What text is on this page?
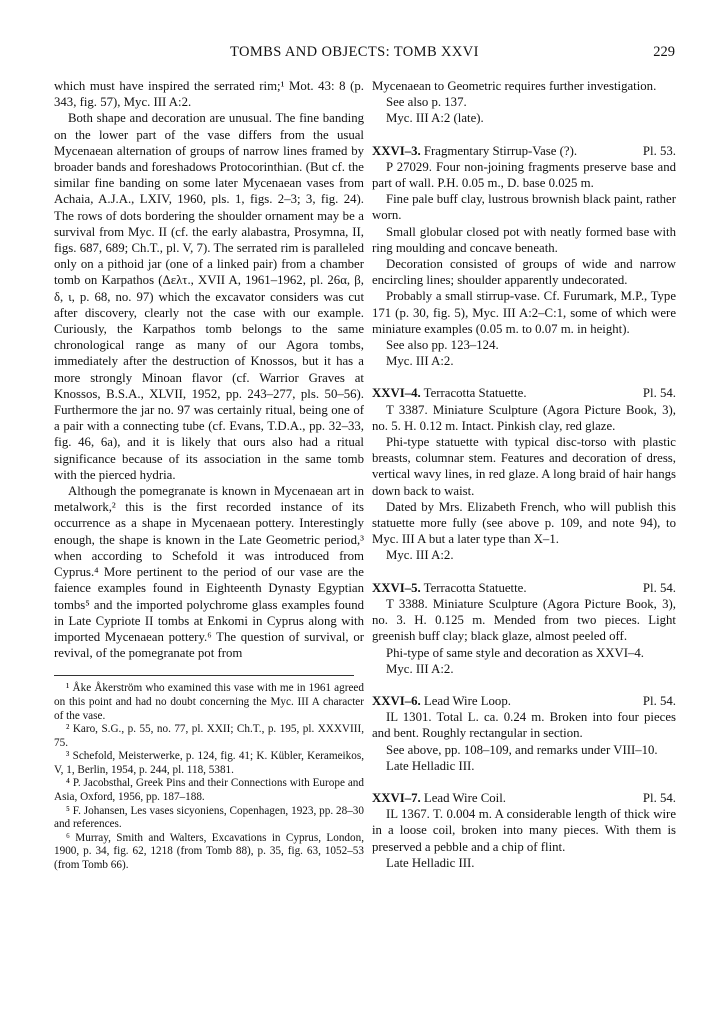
TOMBS AND OBJECTS: TOMB XXVI	229

which must have inspired the serrated rim;¹ Mot. 43: 8 (p. 343, fig. 57), Myc. III A:2.

Both shape and decoration are unusual. The fine banding on the lower part of the vase differs from the usual Mycenaean alternation of groups of narrow lines framed by broader bands and foreshadows Protocorinthian. (But cf. the similar fine banding on some later Mycenaean vases from Achaia, A.J.A., LXIV, 1960, pls. 1, figs. 2–3; 3, fig. 24). The rows of dots bordering the shoulder ornament may be a survival from Myc. II (cf. the early alabastra, Prosymna, II, figs. 687, 689; Ch.T., pl. V, 7). The serrated rim is paralleled only on a pithoid jar (one of a linked pair) from a chamber tomb on Karpathos (Δελτ., XVII A, 1961–1962, pl. 26α, β, δ, ι, p. 68, no. 97) which the excavator considers was cut after discovery, clearly not the case with our example. Curiously, the Karpathos tomb belongs to the same chronological range as many of our Agora tombs, immediately after the destruction of Knossos, but it has a more strongly Minoan flavor (cf. Warrior Graves at Knossos, B.S.A., XLVII, 1952, pp. 243–277, pls. 50–56). Furthermore the jar no. 97 was certainly ritual, being one of a pair with a connecting tube (cf. Evans, T.D.A., pp. 32–33, fig. 46, 6a), and it is likely that ours also had a ritual significance because of its association in the same tomb with the pierced hydria.

Although the pomegranate is known in Mycenaean art in metalwork,² this is the first recorded instance of its occurrence as a shape in Mycenaean pottery. Interestingly enough, the shape is known in the Late Geometric period,³ when according to Schefold it was introduced from Cyprus.⁴ More pertinent to the period of our vase are the faience examples found in Eighteenth Dynasty Egyptian tombs⁵ and the imported polychrome glass examples found in Late Cypriote II tombs at Enkomi in Cyprus along with imported Mycenaean pottery.⁶ The question of survival, or revival, of the pomegranate pot from

¹ Åke Åkerström who examined this vase with me in 1961 agreed on this point and had no doubt concerning the Myc. III A character of the vase.

² Karo, S.G., p. 55, no. 77, pl. XXII; Ch.T., p. 195, pl. XXXVIII, 75.

³ Schefold, Meisterwerke, p. 124, fig. 41; K. Kübler, Kerameikos, V, 1, Berlin, 1954, p. 244, pl. 118, 5381.

⁴ P. Jacobsthal, Greek Pins and their Connections with Europe and Asia, Oxford, 1956, pp. 187–188.

⁵ F. Johansen, Les vases sicyoniens, Copenhagen, 1923, pp. 28–30 and references.

⁶ Murray, Smith and Walters, Excavations in Cyprus, London, 1900, p. 34, fig. 62, 1218 (from Tomb 88), p. 35, fig. 63, 1052–53 (from Tomb 66).

Mycenaean to Geometric requires further investigation.

See also p. 137.

Myc. III A:2 (late).

XXVI–3. Fragmentary Stirrup-Vase (?).	Pl. 53.

P 27029. Four non-joining fragments preserve base and part of wall. P.H. 0.05 m., D. base 0.025 m.

Fine pale buff clay, lustrous brownish black paint, rather worn.

Small globular closed pot with neatly formed base with ring moulding and concave beneath.

Decoration consisted of groups of wide and narrow encircling lines; shoulder apparently undecorated.

Probably a small stirrup-vase. Cf. Furumark, M.P., Type 171 (p. 30, fig. 5), Myc. III A:2–C:1, some of which were miniature examples (0.05 m. to 0.07 m. in height).

See also pp. 123–124.

Myc. III A:2.

XXVI–4. Terracotta Statuette.	Pl. 54.

T 3387. Miniature Sculpture (Agora Picture Book, 3), no. 5. H. 0.12 m. Intact. Pinkish clay, red glaze.

Phi-type statuette with typical disc-torso with plastic breasts, columnar stem. Features and decoration of dress, vertical wavy lines, in red glaze. A long braid of hair hangs down back to waist.

Dated by Mrs. Elizabeth French, who will publish this statuette more fully (see above p. 109, and note 94), to Myc. III A but a later type than X–1.

Myc. III A:2.

XXVI–5. Terracotta Statuette.	Pl. 54.

T 3388. Miniature Sculpture (Agora Picture Book, 3), no. 3. H. 0.125 m. Mended from two pieces. Light greenish buff clay; black glaze, almost peeled off.

Phi-type of same style and decoration as XXVI–4.

Myc. III A:2.

XXVI–6. Lead Wire Loop.	Pl. 54.

IL 1301. Total L. ca. 0.24 m. Broken into four pieces and bent. Roughly rectangular in section.

See above, pp. 108–109, and remarks under VIII–10.

Late Helladic III.

XXVI–7. Lead Wire Coil.	Pl. 54.

IL 1367. T. 0.004 m. A considerable length of thick wire in a loose coil, broken into many pieces. With them is preserved a pebble and a chip of flint.

Late Helladic III.
